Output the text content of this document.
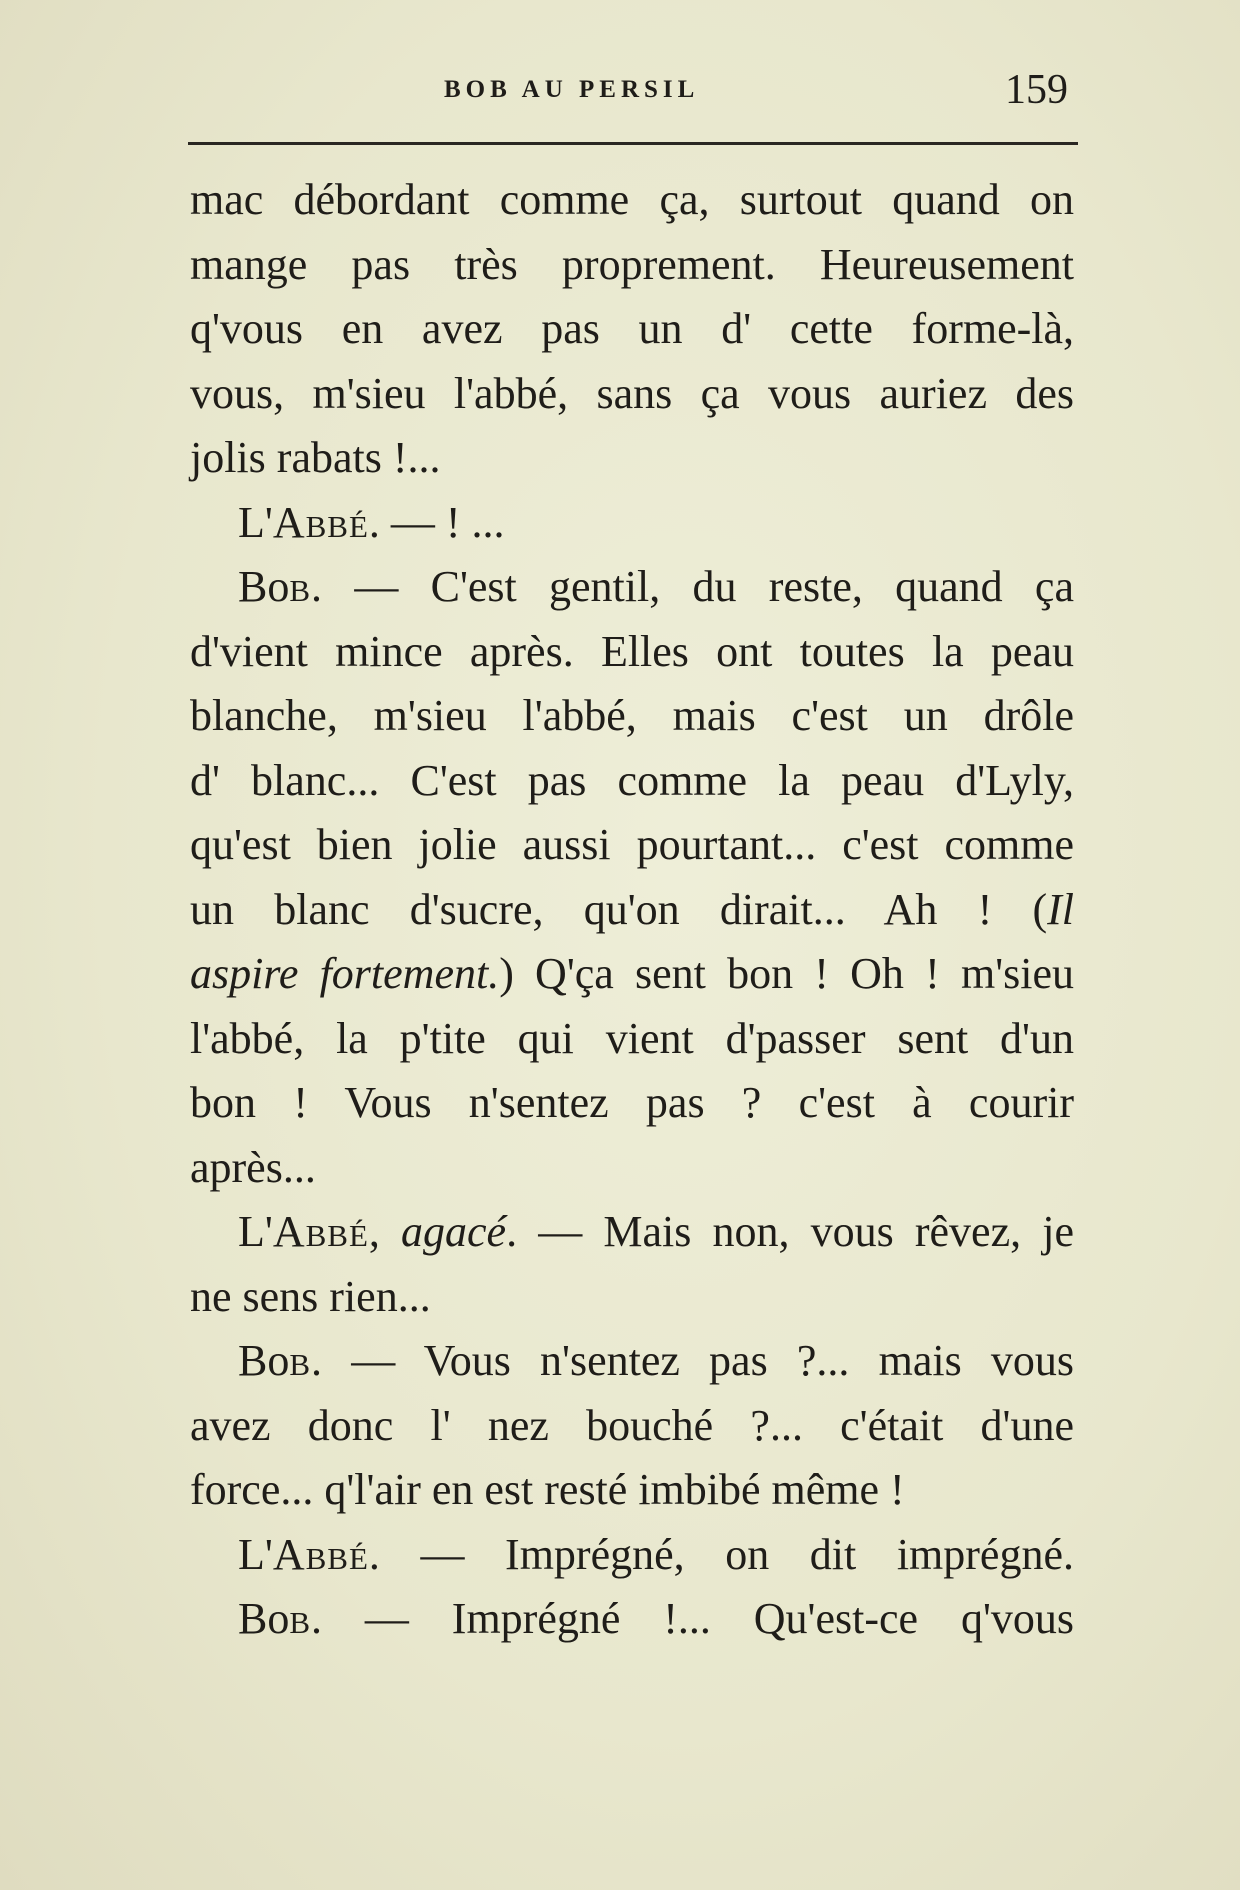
BOB AU PERSIL	159

mac débordant comme ça, surtout quand on

mange pas très proprement. Heureusement

q'vous en avez pas un d' cette forme-là,

vous, m'sieu l'abbé, sans ça vous auriez des

jolis rabats !...

L'Abbé. — ! ...

Bob. — C'est gentil, du reste, quand ça

d'vient mince après. Elles ont toutes la peau

blanche, m'sieu l'abbé, mais c'est un drôle

d' blanc... C'est pas comme la peau d'Lyly,

qu'est bien jolie aussi pourtant... c'est comme

un blanc d'sucre, qu'on dirait... Ah ! (Il

aspire fortement.) Q'ça sent bon ! Oh ! m'sieu

l'abbé, la p'tite qui vient d'passer sent d'un

bon ! Vous n'sentez pas ? c'est à courir

après...

L'Abbé, agacé. — Mais non, vous rêvez, je

ne sens rien...

Bob. — Vous n'sentez pas ?... mais vous

avez donc l' nez bouché ?... c'était d'une

force... q'l'air en est resté imbibé même !

L'Abbé. — Imprégné, on dit imprégné.

Bob. — Imprégné !... Qu'est-ce q'vous
